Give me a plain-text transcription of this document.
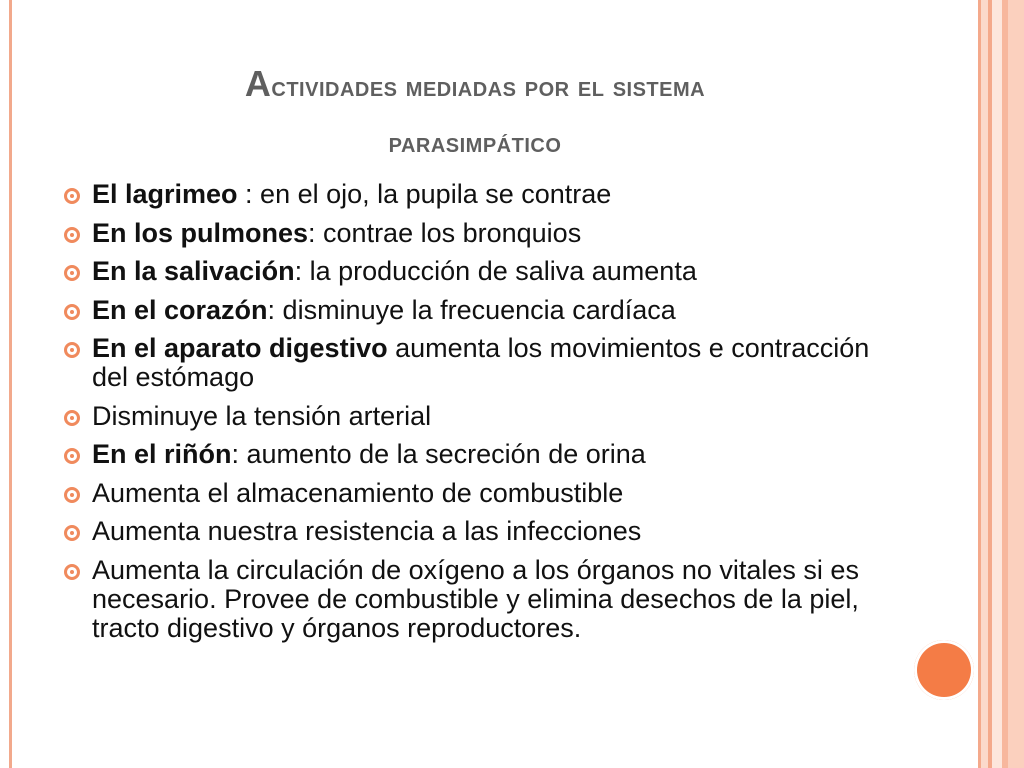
Actividades mediadas por el sistema
parasimpático
El lagrimeo : en el ojo, la pupila se contrae
En los pulmones: contrae los bronquios
En la salivación: la producción de saliva aumenta
En el corazón: disminuye la frecuencia cardíaca
En el aparato digestivo aumenta los movimientos e contracción del estómago
Disminuye la tensión arterial
En el riñón: aumento de la secreción de orina
Aumenta el almacenamiento de combustible
Aumenta nuestra resistencia a las infecciones
Aumenta la circulación de oxígeno a los órganos no vitales si es necesario. Provee de combustible y elimina desechos de la piel, tracto digestivo y órganos reproductores.
